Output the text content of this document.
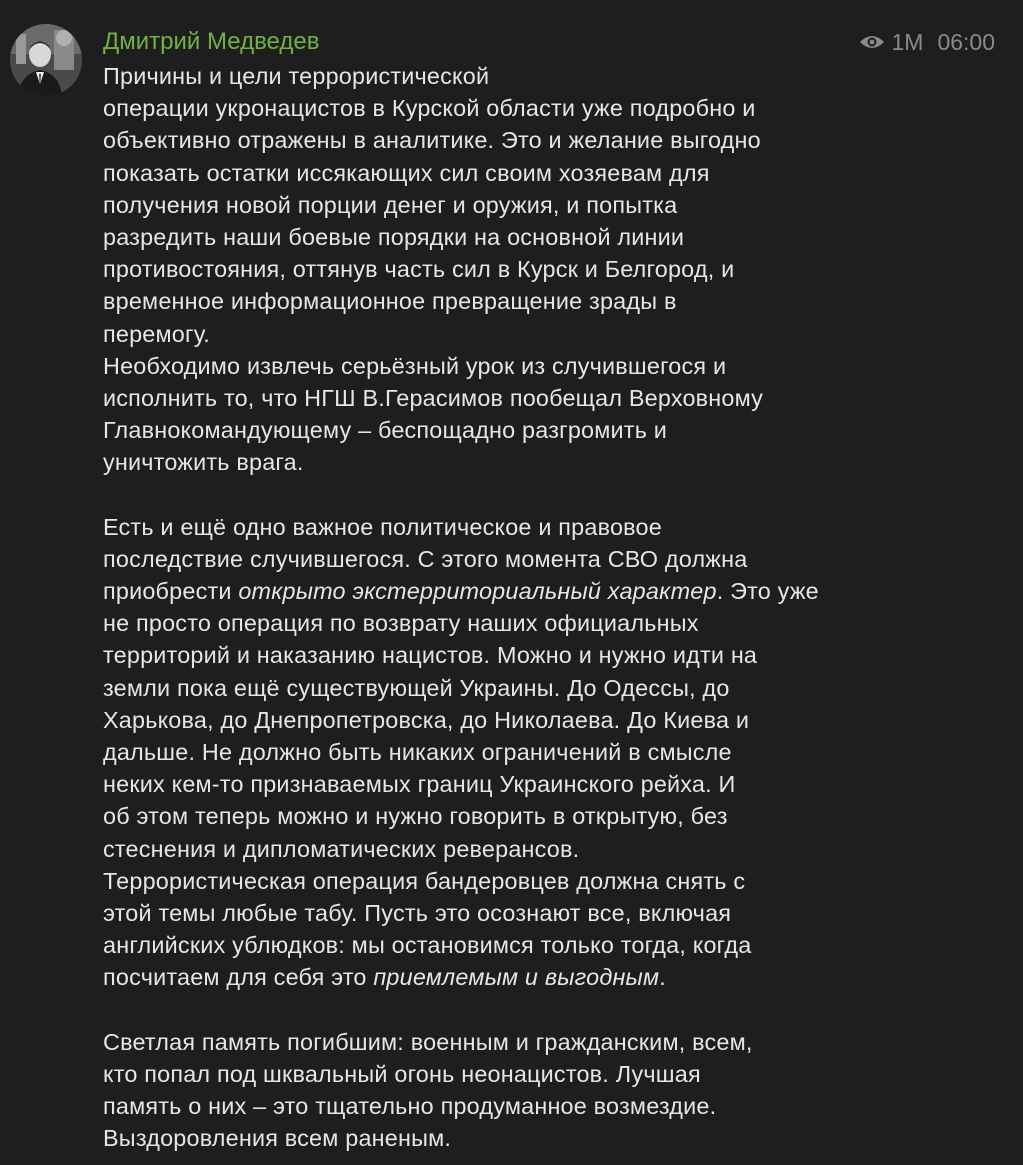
Дмитрий Медведев	1M 06:00
Причины и цели террористической
операции укронацистов в Курской области уже подробно и
объективно отражены в аналитике. Это и желание выгодно
показать остатки иссякающих сил своим хозяевам для
получения новой порции денег и оружия, и попытка
разредить наши боевые порядки на основной линии
противостояния, оттянув часть сил в Курск и Белгород, и
временное информационное превращение зрады в
перемогу.
Необходимо извлечь серьёзный урок из случившегося и
исполнить то, что НГШ В.Герасимов пообещал Верховному
Главнокомандующему – беспощадно разгромить и
уничтожить врага.
Есть и ещё одно важное политическое и правовое
последствие случившегося. С этого момента СВО должна
приобрести открыто экстерриториальный характер. Это уже
не просто операция по возврату наших официальных
территорий и наказанию нацистов. Можно и нужно идти на
земли пока ещё существующей Украины. До Одессы, до
Харькова, до Днепропетровска, до Николаева. До Киева и
дальше. Не должно быть никаких ограничений в смысле
неких кем-то признаваемых границ Украинского рейха. И
об этом теперь можно и нужно говорить в открытую, без
стеснения и дипломатических реверансов.
Террористическая операция бандеровцев должна снять с
этой темы любые табу. Пусть это осознают все, включая
английских ублюдков: мы остановимся только тогда, когда
посчитаем для себя это приемлемым и выгодным.
Светлая память погибшим: военным и гражданским, всем,
кто попал под шквальный огонь неонацистов. Лучшая
память о них – это тщательно продуманное возмездие.
Выздоровления всем раненым.
